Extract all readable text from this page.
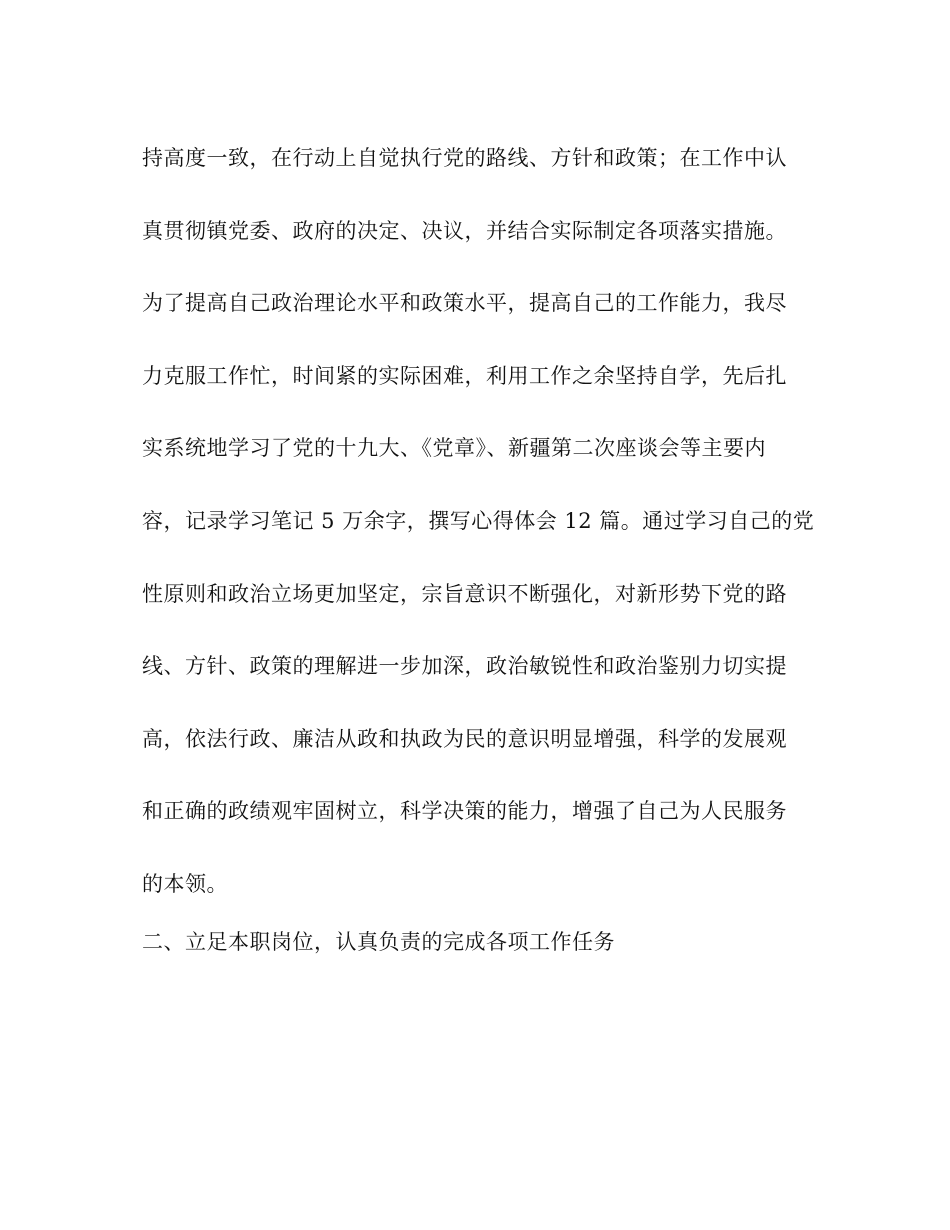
持高度一致，在行动上自觉执行党的路线、方针和政策；在工作中认
真贯彻镇党委、政府的决定、决议，并结合实际制定各项落实措施。
为了提高自己政治理论水平和政策水平，提高自己的工作能力，我尽
力克服工作忙，时间紧的实际困难，利用工作之余坚持自学，先后扎
实系统地学习了党的十九大、《党章》、新疆第二次座谈会等主要内
容，记录学习笔记 5 万余字，撰写心得体会 12 篇。通过学习自己的党
性原则和政治立场更加坚定，宗旨意识不断强化，对新形势下党的路
线、方针、政策的理解进一步加深，政治敏锐性和政治鉴别力切实提
高，依法行政、廉洁从政和执政为民的意识明显增强，科学的发展观
和正确的政绩观牢固树立，科学决策的能力，增强了自己为人民服务
的本领。
二、立足本职岗位，认真负责的完成各项工作任务
